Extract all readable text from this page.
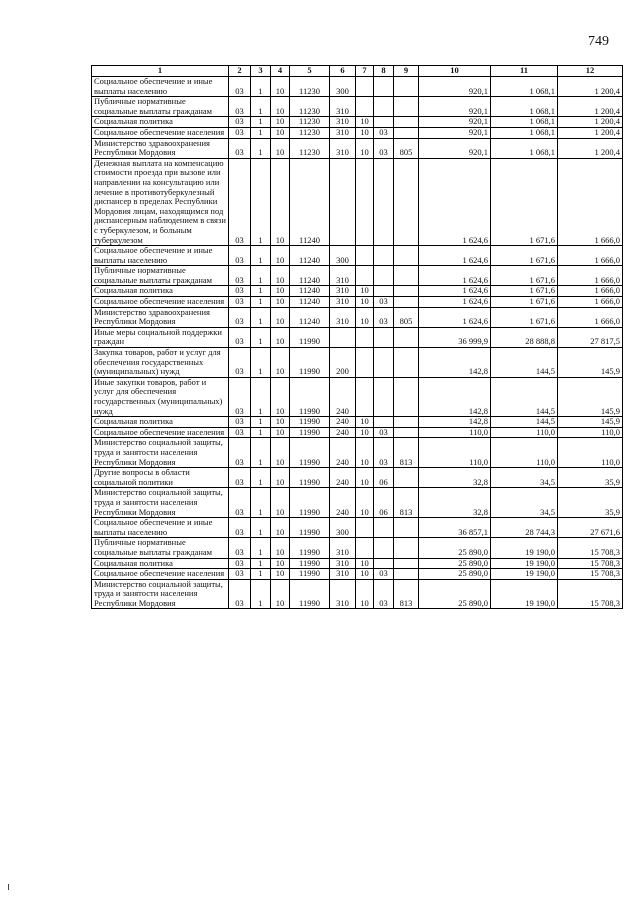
749
1	2	3	4	5	6	7	8	9	10	11	12
Социальное обеспечение и иные выплаты населению	03	1	10	11230	300				920,1	1 068,1	1 200,4
Публичные нормативные социальные выплаты гражданам	03	1	10	11230	310				920,1	1 068,1	1 200,4
Социальная политика	03	1	10	11230	310	10			920,1	1 068,1	1 200,4
Социальное обеспечение населения	03	1	10	11230	310	10	03		920,1	1 068,1	1 200,4
Министерство здравоохранения Республики Мордовия	03	1	10	11230	310	10	03	805	920,1	1 068,1	1 200,4
Денежная выплата на компенсацию стоимости проезда при вызове или направлении на консультацию или лечение в противотуберкулезный диспансер в пределах Республики Мордовия лицам, находящимся под диспансерным наблюдением в связи с туберкулезом, и больным туберкулезом	03	1	10	11240					1 624,6	1 671,6	1 666,0
Социальное обеспечение и иные выплаты населению	03	1	10	11240	300				1 624,6	1 671,6	1 666,0
Публичные нормативные социальные выплаты гражданам	03	1	10	11240	310				1 624,6	1 671,6	1 666,0
Социальная политика	03	1	10	11240	310	10			1 624,6	1 671,6	1 666,0
Социальное обеспечение населения	03	1	10	11240	310	10	03		1 624,6	1 671,6	1 666,0
Министерство здравоохранения Республики Мордовия	03	1	10	11240	310	10	03	805	1 624,6	1 671,6	1 666,0
Иные меры социальной поддержки граждан	03	1	10	11990					36 999,9	28 888,8	27 817,5
Закупка товаров, работ и услуг для обеспечения государственных (муниципальных) нужд	03	1	10	11990	200				142,8	144,5	145,9
Иные закупки товаров, работ и услуг для обеспечения государственных (муниципальных) нужд	03	1	10	11990	240				142,8	144,5	145,9
Социальная политика	03	1	10	11990	240	10			142,8	144,5	145,9
Социальное обеспечение населения	03	1	10	11990	240	10	03		110,0	110,0	110,0
Министерство социальной защиты, труда и занятости населения Республики Мордовия	03	1	10	11990	240	10	03	813	110,0	110,0	110,0
Другие вопросы в области социальной политики	03	1	10	11990	240	10	06		32,8	34,5	35,9
Министерство социальной защиты, труда и занятости населения Республики Мордовия	03	1	10	11990	240	10	06	813	32,8	34,5	35,9
Социальное обеспечение и иные выплаты населению	03	1	10	11990	300				36 857,1	28 744,3	27 671,6
Публичные нормативные социальные выплаты гражданам	03	1	10	11990	310				25 890,0	19 190,0	15 708,3
Социальная политика	03	1	10	11990	310	10			25 890,0	19 190,0	15 708,3
Социальное обеспечение населения	03	1	10	11990	310	10	03		25 890,0	19 190,0	15 708,3
Министерство социальной защиты, труда и занятости населения Республики Мордовия	03	1	10	11990	310	10	03	813	25 890,0	19 190,0	15 708,3
